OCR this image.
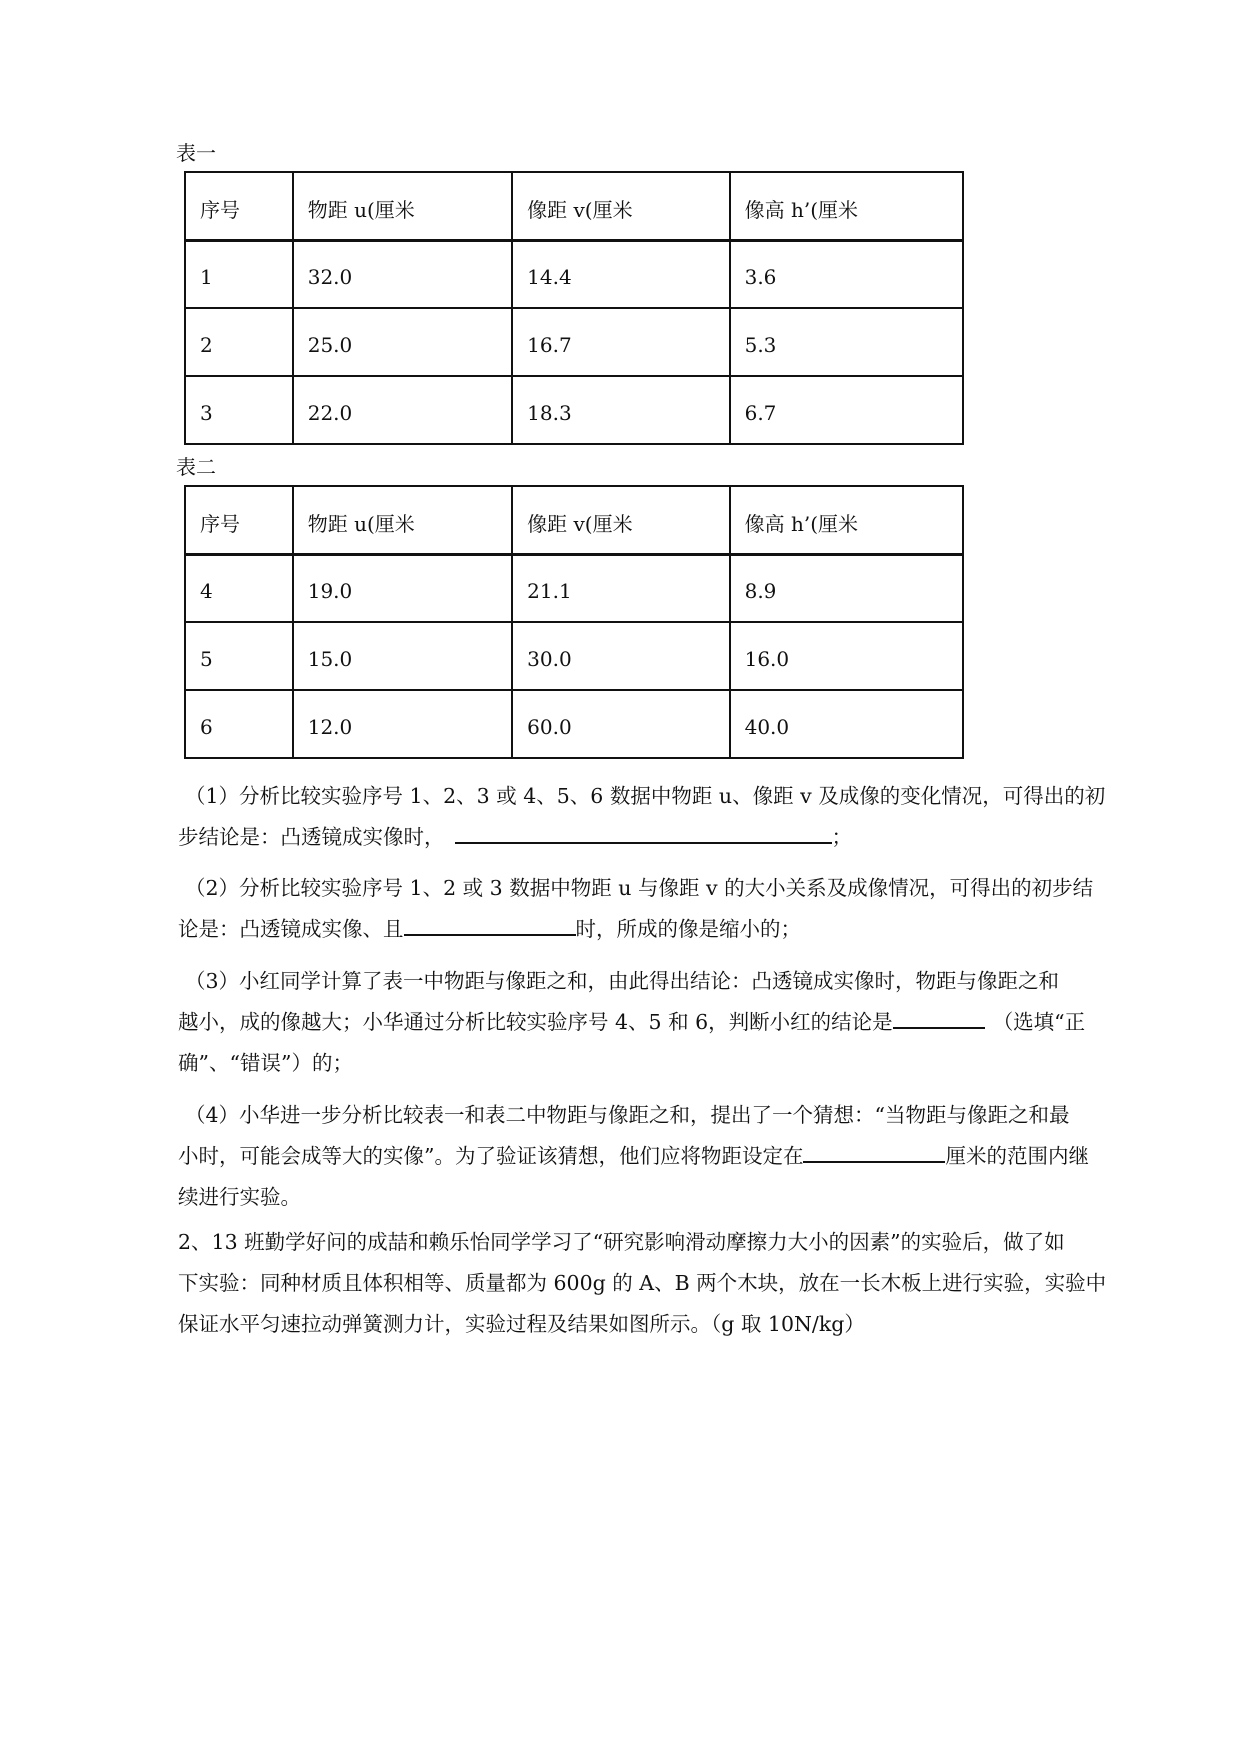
表一
序号	物距 u(厘米	像距 v(厘米	像高 h’(厘米
1	32.0	14.4	3.6
2	25.0	16.7	5.3
3	22.0	18.3	6.7
表二
序号	物距 u(厘米	像距 v(厘米	像高 h’(厘米
4	19.0	21.1	8.9
5	15.0	30.0	16.0
6	12.0	60.0	40.0
（1）分析比较实验序号 1、2、3 或 4、5、6 数据中物距 u、像距 v 及成像的变化情况，可得出的初
步结论是：凸透镜成实像时，	；
（2）分析比较实验序号 1、2 或 3 数据中物距 u 与像距 v 的大小关系及成像情况，可得出的初步结
论是：凸透镜成实像、且	时，所成的像是缩小的；
（3）小红同学计算了表一中物距与像距之和，由此得出结论：凸透镜成实像时，物距与像距之和
越小，成的像越大；小华通过分析比较实验序号 4、5 和 6，判断小红的结论是	（选填“正
确”、“错误”）的；
（4）小华进一步分析比较表一和表二中物距与像距之和，提出了一个猜想：“当物距与像距之和最
小时，可能会成等大的实像”。为了验证该猜想，他们应将物距设定在	厘米的范围内继
续进行实验。
2、13 班勤学好问的成喆和赖乐怡同学学习了“研究影响滑动摩擦力大小的因素”的实验后，做了如
下实验：同种材质且体积相等、质量都为 600g 的 A、B 两个木块，放在一长木板上进行实验，实验中
保证水平匀速拉动弹簧测力计，实验过程及结果如图所示。（g 取 10N/kg）
